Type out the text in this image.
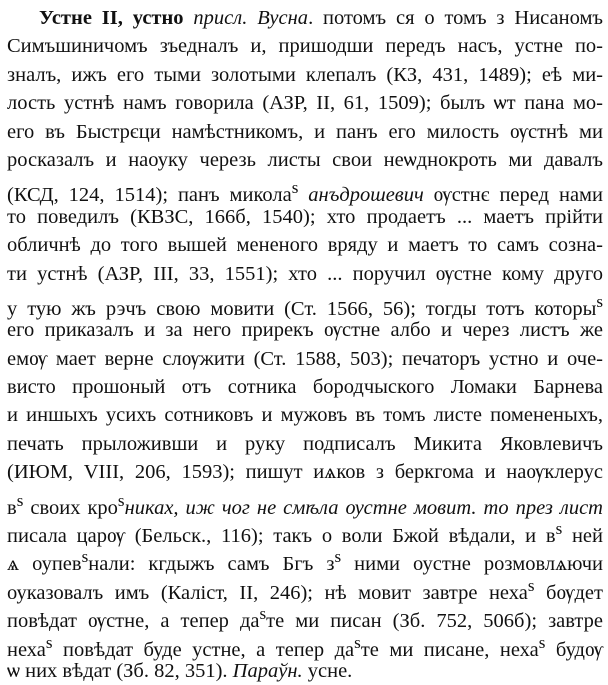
Устне II, устно присл. Вусна. потомъ ся о томъ з Нисаномъ
Симъшиничомъ зъедналъ и, пришодши передъ насъ, устне по-
зналъ, ижъ его тыми золотыми клепалъ (КЗ, 431, 1489); еѣ ми-
лость устнѣ намъ говорила (АЗР, II, 61, 1509); былъ ѡт пана мо-
его въ Быстрєци намѣстникомъ, и панъ его милость ѹстнѣ ми
росказалъ и наоуку черезь листы свои неѡднокроть ми давалъ
(КСД, 124, 1514); панъ микола$^s$ анъдрошевич ѹстнє перед нами
то поведилъ (КВЗС, 166б, 1540); хто продаетъ ... маетъ прійти
обличнѣ до того вышей мененого вряду и маетъ то самъ созна-
ти устнѣ (АЗР, III, 33, 1551); хто ... поручил ѹстне кому друго
y тую жъ рэчъ свою мовити (Ст. 1566, 56); тогды тотъ которы$^s$
его приказалъ и за него прирекъ ѹстне албо и через листъ же
емѹ мает верне слѹжити (Ст. 1588, 503); печаторъ устно и оче-
висто прошоный отъ сотника бородчыского Ломаки Барнева
и иншыхъ усихъ сотниковъ и мужовъ въ томъ листе помененыхъ,
печать прыложивши и руку подписалъ Микита Яковлевичъ
(ИЮМ, VIII, 206, 1593); пишут иѧков з беркгома и наѹклерус
$в^s$ своих кро$^s$никах, иж чог не смѣла ѹстне мовит. то през лист
писала царѹ (Бельск., 116); такъ о воли Бжой вѣдали, и $в^s$ ней
ѧ оупев$^s$нали: кгдыжъ самъ Бгъ $з^s$ ними оустне розмовлѧючи
оуказовалъ имъ (Каліст, II, 246); нѣ мовит завтре неха$^s$ бѹдет
повѣдат ѹстне, а тепер $да^sте$ ми писан (Зб. 752, 506б); завтре
неха$^s$ повѣдат буде устне, а тепер $да^sте$ ми писане, неха$^s$ будѹ
ѡ них вѣдат (Зб. 82, 351). Параўн. усне.
